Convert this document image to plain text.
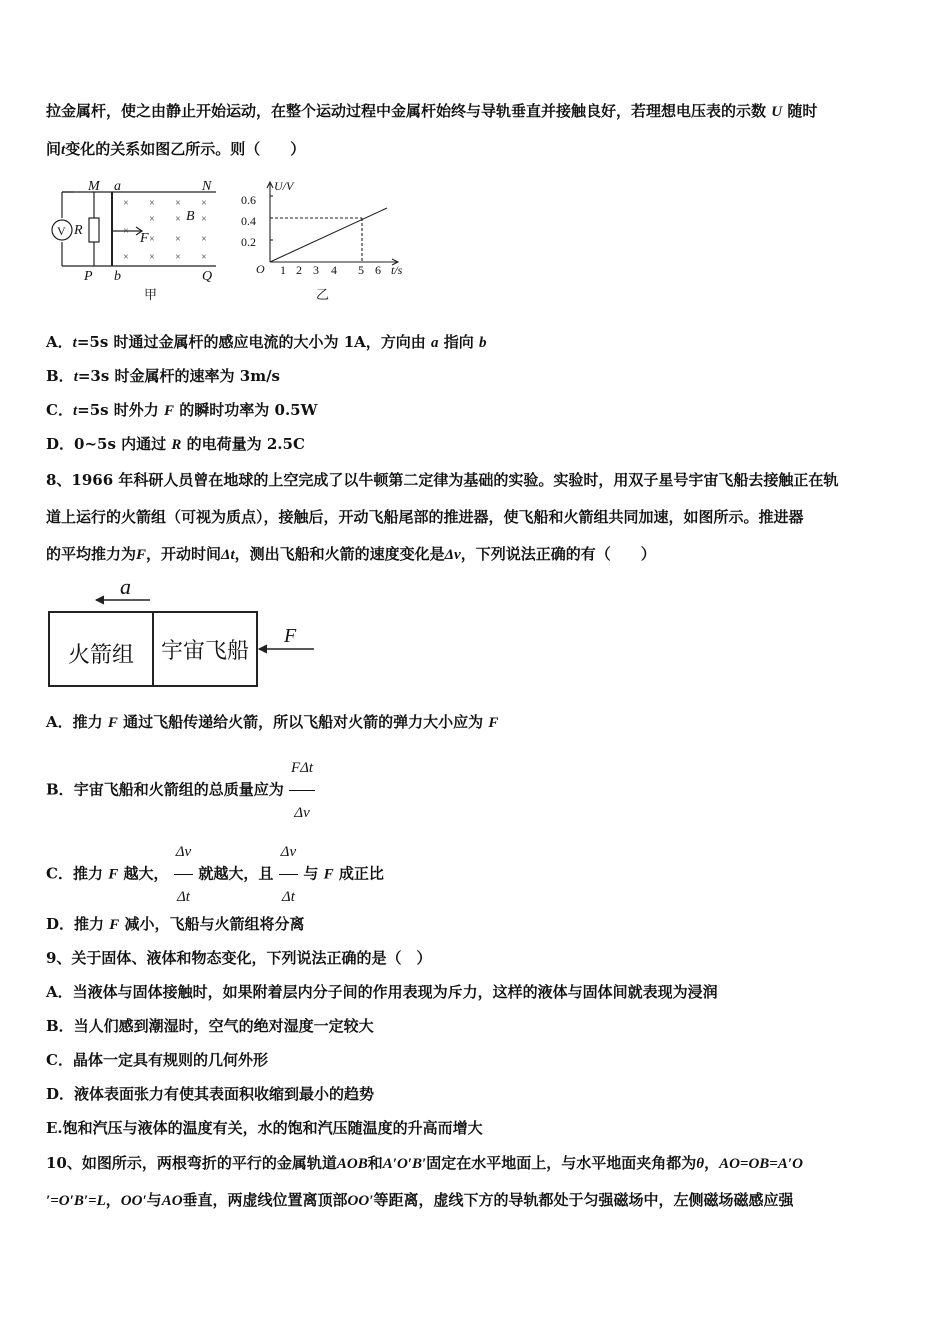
拉金属杆，使之由静止开始运动，在整个运动过程中金属杆始终与导轨垂直并接触良好，若理想电压表的示数 U 随时
间t变化的关系如图乙所示。则（　　）
× × × ×
×
× × ×
× × ×
× × × ×
M a	N
V R
B
F
P b	Q
甲
U/V
0.6
0.4
0.2
O 1 2 3 4 5 6 t/s
乙
A．t=5s 时通过金属杆的感应电流的大小为 1A，方向由 a 指向 b
B．t=3s 时金属杆的速率为 3m/s
C．t=5s 时外力 F 的瞬时功率为 0.5W
D．0~5s 内通过 R 的电荷量为 2.5C
8、1966 年科研人员曾在地球的上空完成了以牛顿第二定律为基础的实验。实验时，用双子星号宇宙飞船去接触正在轨
道上运行的火箭组（可视为质点），接触后，开动飞船尾部的推进器，使飞船和火箭组共同加速，如图所示。推进器
的平均推力为F，开动时间Δt，测出飞船和火箭的速度变化是Δv，下列说法正确的有（　　）
a
F
火箭组 宇宙飞船
A．推力 F 通过飞船传递给火箭，所以飞船对火箭的弹力大小应为 F
B．宇宙飞船和火箭组的总质量应为 $\frac{\text{FΔt}}{\Delta v}$
C．推力 F 越大， $\frac{\Delta v}{\Delta t}$ 就越大，且 $\frac{\Delta v}{\Delta t}$ 与 F 成正比
D．推力 F 减小，飞船与火箭组将分离
9、关于固体、液体和物态变化，下列说法正确的是（　）
A．当液体与固体接触时，如果附着层内分子间的作用表现为斥力，这样的液体与固体间就表现为浸润
B．当人们感到潮湿时，空气的绝对湿度一定较大
C．晶体一定具有规则的几何外形
D．液体表面张力有使其表面积收缩到最小的趋势
E.饱和汽压与液体的温度有关，水的饱和汽压随温度的升高而增大
10、如图所示，两根弯折的平行的金属轨道AOB和A′O′B′固定在水平地面上，与水平地面夹角都为θ，AO=OB=A′O
′=O′B′=L，OO′与AO垂直，两虚线位置离顶部OO′等距离，虚线下方的导轨都处于匀强磁场中，左侧磁场磁感应强
